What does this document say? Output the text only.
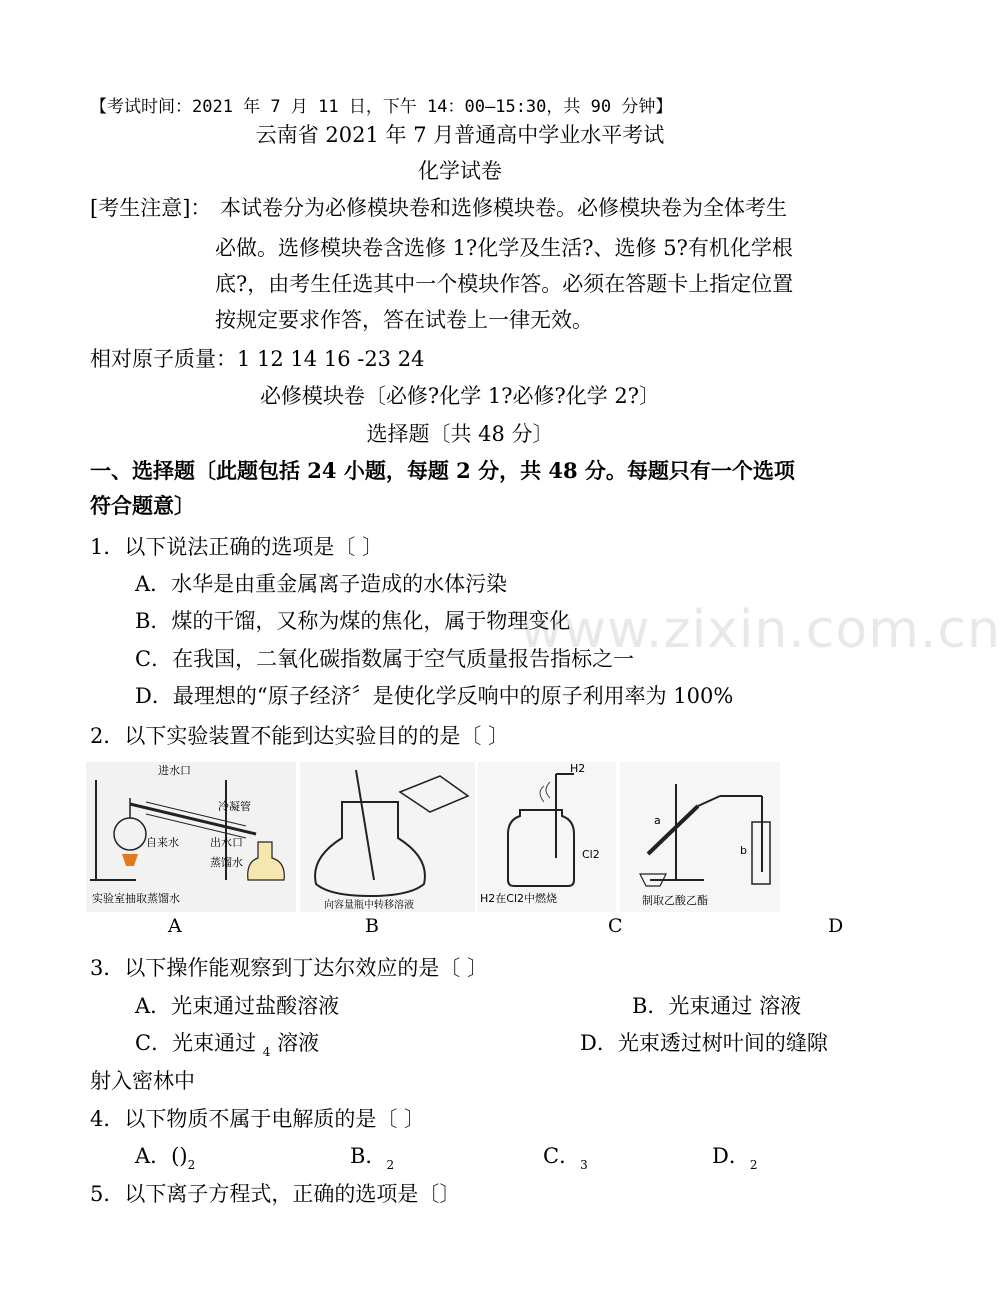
【考试时间：2021 年 7 月 11 日，下午 14：00—15:30，共 90 分钟】
云南省 2021 年 7 月普通高中学业水平考试
化学试卷
[考生注意]： 本试卷分为必修模块卷和选修模块卷。必修模块卷为全体考生
必做。选修模块卷含选修 1?化学及生活?、选修 5?有机化学根
底?，由考生任选其中一个模块作答。必须在答题卡上指定位置
按规定要求作答，答在试卷上一律无效。
相对原子质量：1 12 14 16 -23 24
必修模块卷〔必修?化学 1?必修?化学 2?〕
选择题〔共 48 分〕
一、选择题〔此题包括 24 小题，每题 2 分，共 48 分。每题只有一个选项
符合题意〕
1．以下说法正确的选项是〔 〕
A．水华是由重金属离子造成的水体污染
B．煤的干馏，又称为煤的焦化，属于物理变化
C．在我国，二氧化碳指数属于空气质量报告指标之一
D．最理想的“原子经济〞是使化学反响中的原子利用率为 100%
www.zixin.com.cn
2．以下实验装置不能到达实验目的的是〔 〕
进水口
冷凝管
自来水	出水口
蒸馏水
实验室抽取蒸馏水
向容量瓶中转移溶液
H2
Cl2
H2在Cl2中燃烧
a
b
制取乙酸乙酯
A	B	C	D
3．以下操作能观察到丁达尔效应的是〔 〕
A．光束通过盐酸溶液	B．光束通过 溶液
C．光束通过 $_4$ 溶液	D．光束透过树叶间的缝隙
射入密林中
4．以下物质不属于电解质的是〔 〕
A．$()_2$	B．$_2$	C．$_3$	D．$_2$
5．以下离子方程式，正确的选项是〔〕
